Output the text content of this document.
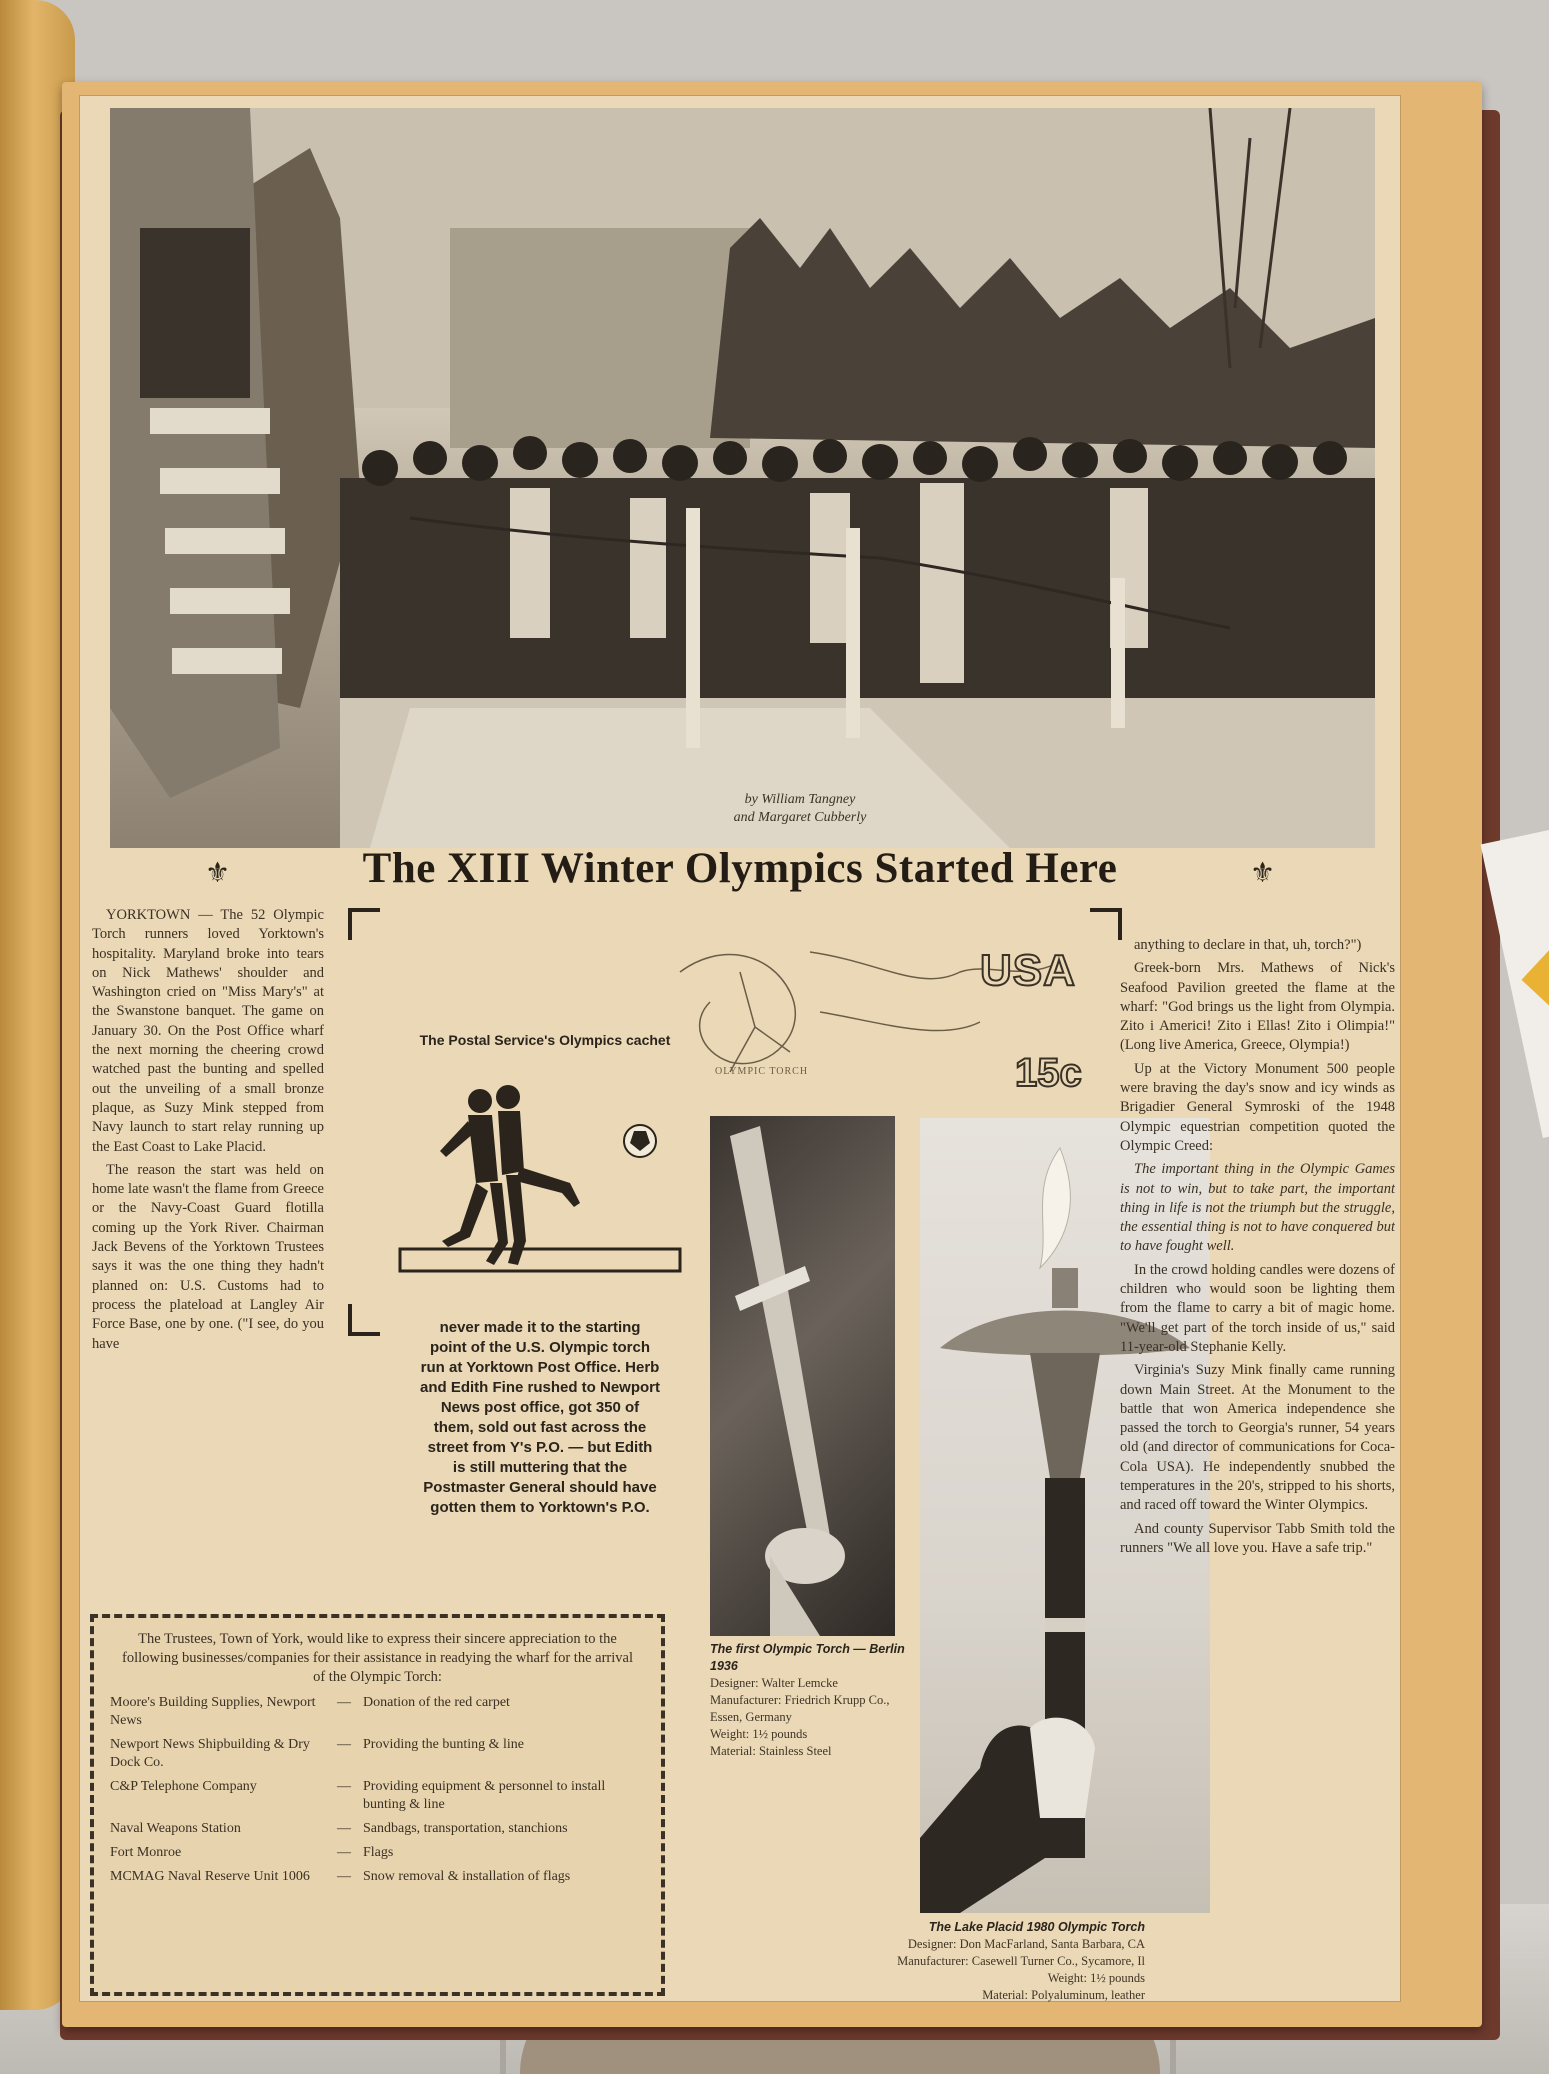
by William Tangney
and Margaret Cubberly
⚜	The XIII Winter Olympics Started Here	⚜

YORKTOWN — The 52 Olympic Torch runners loved Yorktown's hospitality. Maryland broke into tears on Nick Mathews' shoulder and Washington cried on "Miss Mary's" at the Swanstone banquet. The game on January 30. On the Post Office wharf the next morning the cheering crowd watched past the bunting and spelled out the unveiling of a small bronze plaque, as Suzy Mink stepped from Navy launch to start relay running up the East Coast to Lake Placid.

The reason the start was held on home late wasn't the flame from Greece or the Navy-Coast Guard flotilla coming up the York River. Chairman Jack Bevens of the Yorktown Trustees says it was the one thing they hadn't planned on: U.S. Customs had to process the plateload at Langley Air Force Base, one by one. ("I see, do you have

USA
15c
OLYMPIC TORCH
The Postal Service's Olympics cachet
never made it to the starting point of the U.S. Olympic torch run at Yorktown Post Office. Herb and Edith Fine rushed to Newport News post office, got 350 of them, sold out fast across the street from Y's P.O. — but Edith is still muttering that the Postmaster General should have gotten them to Yorktown's P.O.
The first Olympic Torch — Berlin 1936
Designer: Walter Lemcke
Manufacturer: Friedrich Krupp Co., Essen, Germany
Weight: 1½ pounds
Material: Stainless Steel
The Lake Placid 1980 Olympic Torch
Designer: Don MacFarland, Santa Barbara, CA
Manufacturer: Casewell Turner Co., Sycamore, Il
Weight: 1½ pounds
Material: Polyaluminum, leather

anything to declare in that, uh, torch?")

Greek-born Mrs. Mathews of Nick's Seafood Pavilion greeted the flame at the wharf: "God brings us the light from Olympia. Zito i Americi! Zito i Ellas! Zito i Olimpia!" (Long live America, Greece, Olympia!)

Up at the Victory Monument 500 people were braving the day's snow and icy winds as Brigadier General Symroski of the 1948 Olympic equestrian competition quoted the Olympic Creed:

The important thing in the Olympic Games is not to win, but to take part, the important thing in life is not the triumph but the struggle, the essential thing is not to have conquered but to have fought well.

In the crowd holding candles were dozens of children who would soon be lighting them from the flame to carry a bit of magic home. "We'll get part of the torch inside of us," said 11-year-old Stephanie Kelly.

Virginia's Suzy Mink finally came running down Main Street. At the Monument to the battle that won America independence she passed the torch to Georgia's runner, 54 years old (and director of communications for Coca-Cola USA). He independently snubbed the temperatures in the 20's, stripped to his shorts, and raced off toward the Winter Olympics.

And county Supervisor Tabb Smith told the runners "We all love you. Have a safe trip."

The Trustees, Town of York, would like to express their sincere appreciation to the following businesses/companies for their assistance in readying the wharf for the arrival of the Olympic Torch:

Moore's Building Supplies, Newport News	—	Donation of the red carpet
Newport News Shipbuilding & Dry Dock Co.	—	Providing the bunting & line
C&P Telephone Company	—	Providing equipment & personnel to install bunting & line
Naval Weapons Station	—	Sandbags, transportation, stanchions
Fort Monroe	—	Flags
MCMAG Naval Reserve Unit 1006	—	Snow removal & installation of flags
